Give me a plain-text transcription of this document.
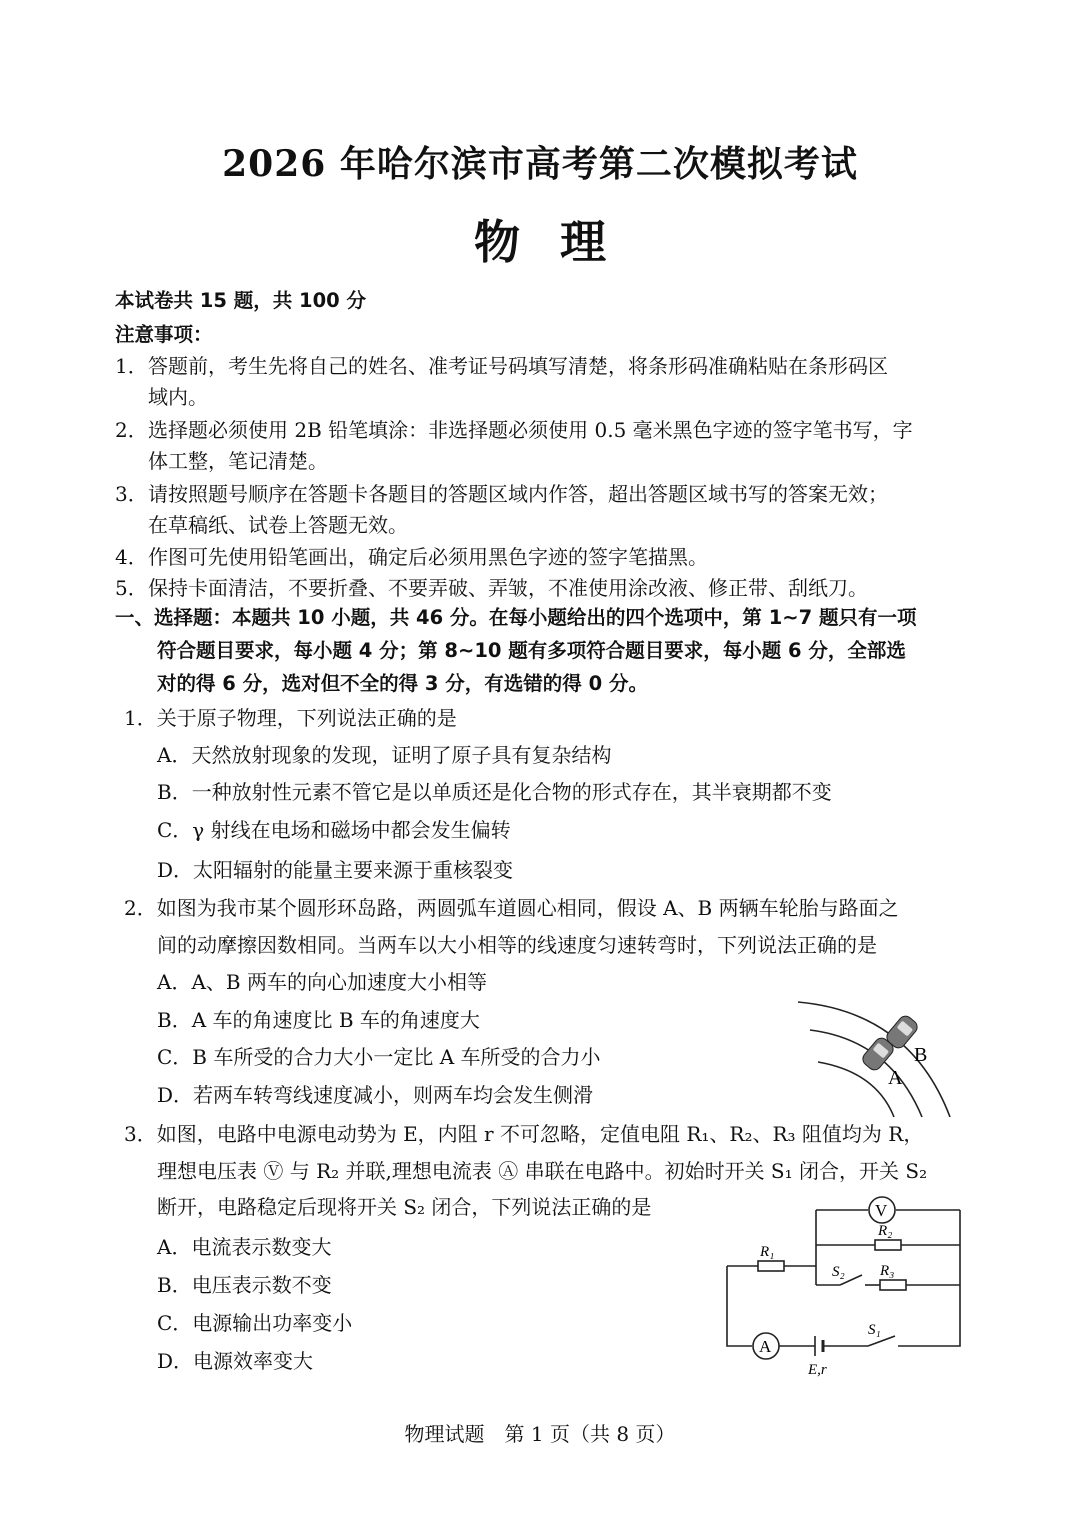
2026 年哈尔滨市高考第二次模拟考试
物理
本试卷共 15 题，共 100 分
注意事项：
1． 答题前，考生先将自己的姓名、准考证号码填写清楚，将条形码准确粘贴在条形码区
域内。
2． 选择题必须使用 2B 铅笔填涂：非选择题必须使用 0.5 毫米黑色字迹的签字笔书写，字
体工整，笔记清楚。
3． 请按照题号顺序在答题卡各题目的答题区域内作答，超出答题区域书写的答案无效；
在草稿纸、试卷上答题无效。
4． 作图可先使用铅笔画出，确定后必须用黑色字迹的签字笔描黑。
5． 保持卡面清洁，不要折叠、不要弄破、弄皱，不准使用涂改液、修正带、刮纸刀。
一、选择题：本题共 10 小题，共 46 分。在每小题给出的四个选项中，第 1~7 题只有一项
符合题目要求，每小题 4 分；第 8~10 题有多项符合题目要求，每小题 6 分，全部选
对的得 6 分，选对但不全的得 3 分，有选错的得 0 分。
1．关于原子物理，下列说法正确的是
A．天然放射现象的发现，证明了原子具有复杂结构
B．一种放射性元素不管它是以单质还是化合物的形式存在，其半衰期都不变
C．γ 射线在电场和磁场中都会发生偏转
D．太阳辐射的能量主要来源于重核裂变
2．如图为我市某个圆形环岛路，两圆弧车道圆心相同，假设 A、B 两辆车轮胎与路面之
间的动摩擦因数相同。当两车以大小相等的线速度匀速转弯时，下列说法正确的是
A．A、B 两车的向心加速度大小相等
B．A 车的角速度比 B 车的角速度大
C．B 车所受的合力大小一定比 A 车所受的合力小
D．若两车转弯线速度减小，则两车均会发生侧滑
B
A
3．如图，电路中电源电动势为 E，内阻 r 不可忽略，定值电阻 R₁、R₂、R₃ 阻值均为 R，
理想电压表 Ⓥ 与 R₂ 并联,理想电流表 Ⓐ 串联在电路中。初始时开关 S₁ 闭合，开关 S₂
断开，电路稳定后现将开关 S₂ 闭合，下列说法正确的是
A．电流表示数变大
B．电压表示数不变
C．电源输出功率变小
D．电源效率变大
R₁
R₂
R₃
S₂
S₁
V
A
E,r
物理试题　第 1 页（共 8 页）
